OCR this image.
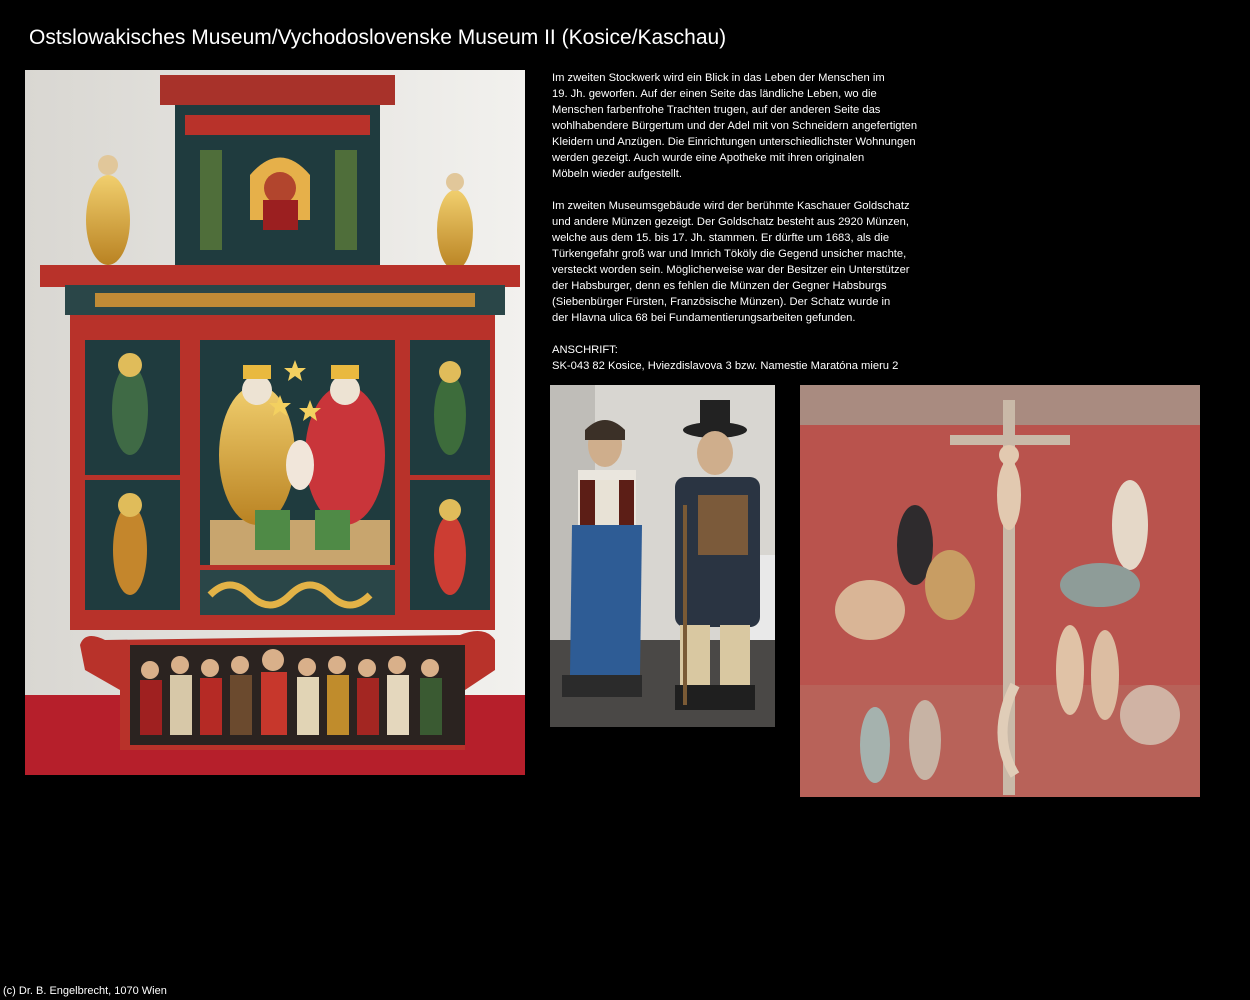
Ostslowakisches Museum/Vychodoslovenske Museum II (Kosice/Kaschau)

Im zweiten Stockwerk wird ein Blick in das Leben der Menschen im
19. Jh. geworfen. Auf der einen Seite das ländliche Leben, wo die
Menschen farbenfrohe Trachten trugen, auf der anderen Seite das
wohlhabendere Bürgertum und der Adel mit von Schneidern angefertigten
Kleidern und Anzügen. Die Einrichtungen unterschiedlichster Wohnungen
werden gezeigt. Auch wurde eine Apotheke mit ihren originalen
Möbeln wieder aufgestellt.

Im zweiten Museumsgebäude wird der berühmte Kaschauer Goldschatz
und andere Münzen gezeigt. Der Goldschatz besteht aus 2920 Münzen,
welche aus dem 15. bis 17. Jh. stammen. Er dürfte um 1683, als die
Türkengefahr groß war und Imrich Tököly die Gegend unsicher machte,
versteckt worden sein. Möglicherweise war der Besitzer ein Unterstützer
der Habsburger, denn es fehlen die Münzen der Gegner Habsburgs
(Siebenbürger Fürsten, Französische Münzen). Der Schatz wurde in
der Hlavna ulica 68 bei Fundamentierungsarbeiten gefunden.

ANSCHRIFT:

SK-043 82 Kosice, Hviezdislavova 3 bzw. Namestie Maratóna mieru 2

(c) Dr. B. Engelbrecht, 1070 Wien
